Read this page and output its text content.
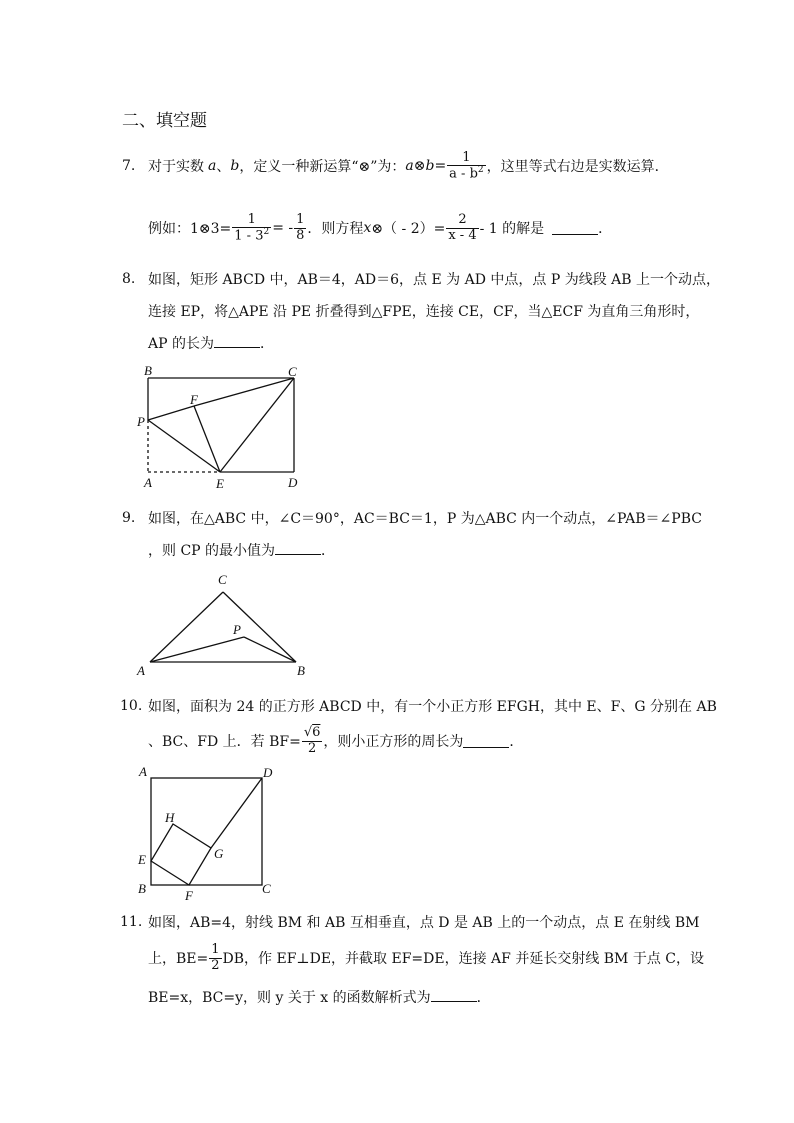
二、填空题
7. 对于实数 a 、 b ，定义一种新运算“⊗”为： a ⊗ $b = \frac{1}{a - b^2}$ ，这里等式右边是实数运算．
例如：1⊗3= $\frac{1}{1 - 3^2}$ = - $\frac{1}{8}$ ．则方程 x ⊗（ - $2)= \frac{2}{x - 4} - 1$ 的解是	．
8. 如图，矩形 ABCD 中，AB＝4，AD＝6，点 E 为 AD 中点，点 P 为线段 AB 上一个动点，
连接 EP，将△APE 沿 PE 折叠得到△FPE，连接 CE，CF，当△ECF 为直角三角形时，
AP 的长为	．
B	C
F
P
A	E	D
9. 如图，在△ABC 中，∠C＝90°，AC＝BC＝1，P 为△ABC 内一个动点，∠PAB＝∠PBC
，则 CP 的最小值为	．
C
P
A	B
10. 如图，面积为 24 的正方形 ABCD 中，有一个小正方形 EFGH，其中 E、F、G 分别在 AB
、BC、FD 上．若 $BF= \frac{√6}{2}$ ，则小正方形的周长为	．
A	D
H
G
E
B	F	C
11. 如图，AB=4，射线 BM 和 AB 互相垂直，点 D 是 AB 上的一个动点，点 E 在射线 BM
上，$BE= \frac{1}{2}$ DB，作 EF⊥DE，并截取 EF=DE，连接 AF 并延长交射线 BM 于点 C，设
BE=x，BC=y，则 y 关于 x 的函数解析式为	．
